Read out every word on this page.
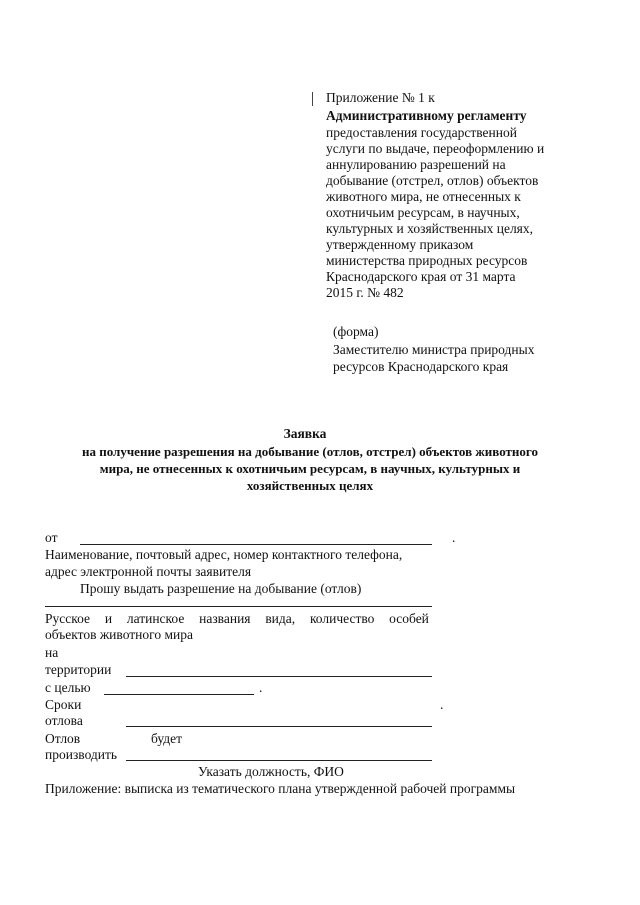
Приложение № 1 к
Административному регламенту
предоставления государственной
услуги по выдаче, переоформлению и
аннулированию разрешений на
добывание (отстрел, отлов) объектов
животного мира, не отнесенных к
охотничьим ресурсам, в научных,
культурных и хозяйственных целях,
утвержденному приказом
министерства природных ресурсов
Краснодарского края от 31 марта
2015 г. № 482
(форма)
Заместителю министра природных
ресурсов Краснодарского края
Заявка
на получение разрешения на добывание (отлов, отстрел) объектов животного
мира, не отнесенных к охотничьим ресурсам, в научных, культурных и
хозяйственных целях
от	.
Наименование, почтовый адрес, номер контактного телефона,
адрес электронной почты заявителя
Прошу выдать разрешение на добывание (отлов)
Русское и латинское названия вида, количество особей
объектов животного мира
на
территории
с целью	.
Сроки	.
отлова
Отлов	будет
производить
Указать должность, ФИО
Приложение: выписка из тематического плана утвержденной рабочей программы
